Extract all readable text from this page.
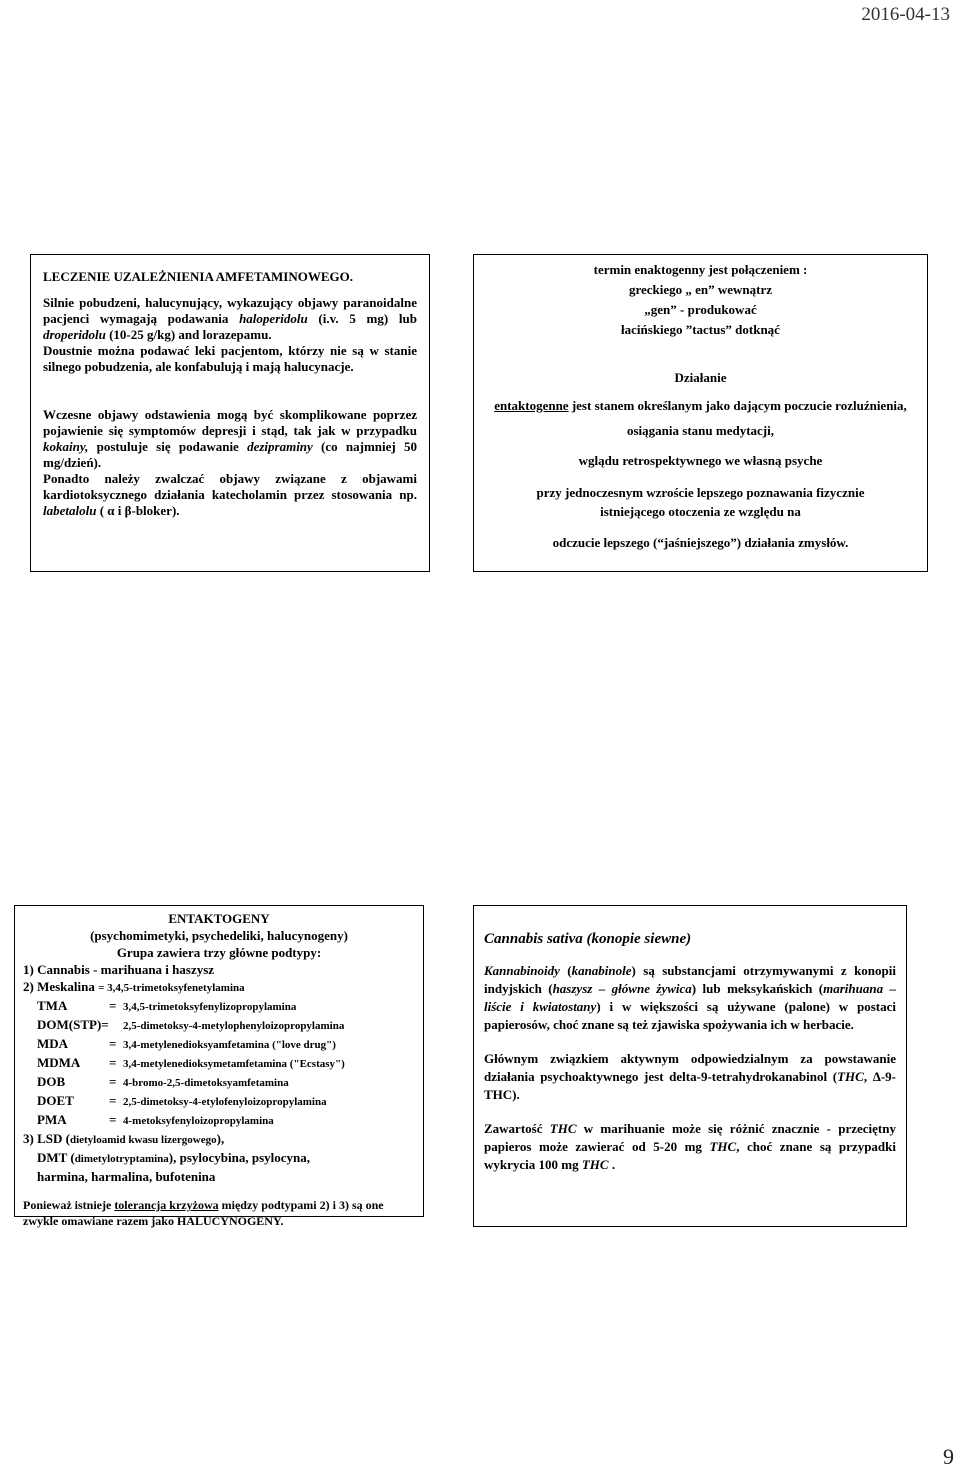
2016-04-13

LECZENIE UZALEŻNIENIA AMFETAMINOWEGO.

Silnie pobudzeni, halucynujący, wykazujący objawy paranoidalne pacjenci wymagają podawania haloperidolu (i.v. 5 mg) lub droperidolu (10-25 g/kg) and lorazepamu.

Doustnie można podawać leki pacjentom, którzy nie są w stanie silnego pobudzenia, ale konfabulują i mają halucynacje.

Wczesne objawy odstawienia mogą być skomplikowane poprzez pojawienie się symptomów depresji i stąd, tak jak w przypadku kokainy, postuluje się podawanie dezipraminy (co najmniej 50 mg/dzień).

Ponadto należy zwalczać objawy związane z objawami kardiotoksycznego działania katecholamin przez stosowania np. labetalolu ( α i β-bloker).

termin enaktogenny jest połączeniem :

greckiego „ en” wewnątrz

„gen” - produkować

łacińskiego ”tactus” dotknąć

Działanie

entaktogenne jest stanem określanym jako dającym poczucie rozluźnienia,

osiągania stanu medytacji,

wglądu retrospektywnego we własną psyche

przy jednoczesnym wzroście lepszego poznawania fizycznie istniejącego otoczenia ze względu na

odczucie lepszego (“jaśniejszego”) działania zmysłów.

ENTAKTOGENY

(psychomimetyki, psychedeliki, halucynogeny)

Grupa zawiera trzy główne podtypy:

1) Cannabis - marihuana i haszysz

2) Meskalina = 3,4,5-trimetoksyfenetylamina

TMA	= 3,4,5-trimetoksyfenylizopropylamina
DOM(STP)= 2,5-dimetoksy-4-metylophenyloizopropylamina
MDA	= 3,4-metylenedioksyamfetamina ("love drug")
MDMA	= 3,4-metylenedioksymetamfetamina ("Ecstasy")
DOB	= 4-bromo-2,5-dimetoksyamfetamina
DOET	= 2,5-dimetoksy-4-etylofenyloizopropylamina
PMA	= 4-metoksyfenyloizopropylamina

3) LSD (dietyloamid kwasu lizergowego),

DMT (dimetylotryptamina), psylocybina, psylocyna,

harmina, harmalina, bufotenina

Ponieważ istnieje tolerancja krzyżowa między podtypami 2) i 3) są one zwykle omawiane razem jako HALUCYNOGENY.

Cannabis sativa (konopie siewne)

Kannabinoidy (kanabinole) są substancjami otrzymywanymi z konopii indyjskich (haszysz – główne żywica) lub meksykańskich (marihuana – liście i kwiatostany) i w większości są używane (palone) w postaci papierosów, choć znane są też zjawiska spożywania ich w herbacie.

Głównym związkiem aktywnym odpowiedzialnym za powstawanie działania psychoaktywnego jest delta-9-tetrahydrokanabinol (THC, Δ-9-THC).

Zawartość THC w marihuanie może się różnić znacznie - przeciętny papieros może zawierać od 5-20 mg THC, choć znane są przypadki wykrycia 100 mg THC .

9
